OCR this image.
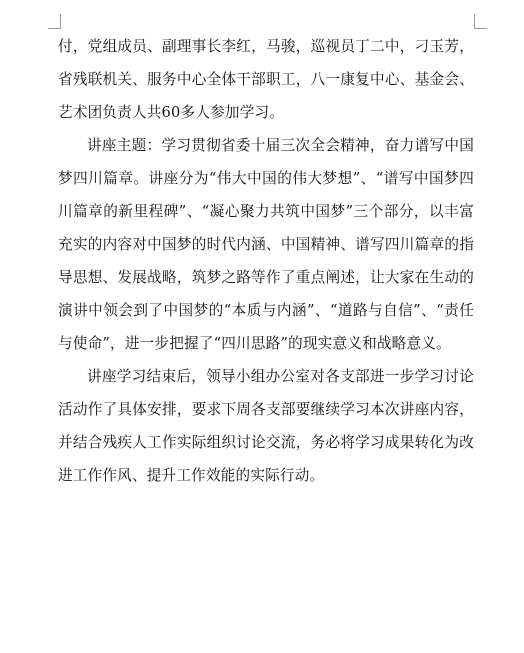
付，党组成员、副理事长李红，马骏，巡视员丁二中，刁玉芳，省残联机关、服务中心全体干部职工，八一康复中心、基金会、艺术团负责人共60多人参加学习。

讲座主题：学习贯彻省委十届三次全会精神，奋力谱写中国梦四川篇章。讲座分为“伟大中国的伟大梦想”、“谱写中国梦四川篇章的新里程碑”、“凝心聚力共筑中国梦”三个部分，以丰富充实的内容对中国梦的时代内涵、中国精神、谱写四川篇章的指导思想、发展战略，筑梦之路等作了重点阐述，让大家在生动的演讲中领会到了中国梦的“本质与内涵”、“道路与自信”、“责任与使命”，进一步把握了“四川思路”的现实意义和战略意义。

讲座学习结束后，领导小组办公室对各支部进一步学习讨论活动作了具体安排，要求下周各支部要继续学习本次讲座内容，并结合残疾人工作实际组织讨论交流，务必将学习成果转化为改进工作作风、提升工作效能的实际行动。
